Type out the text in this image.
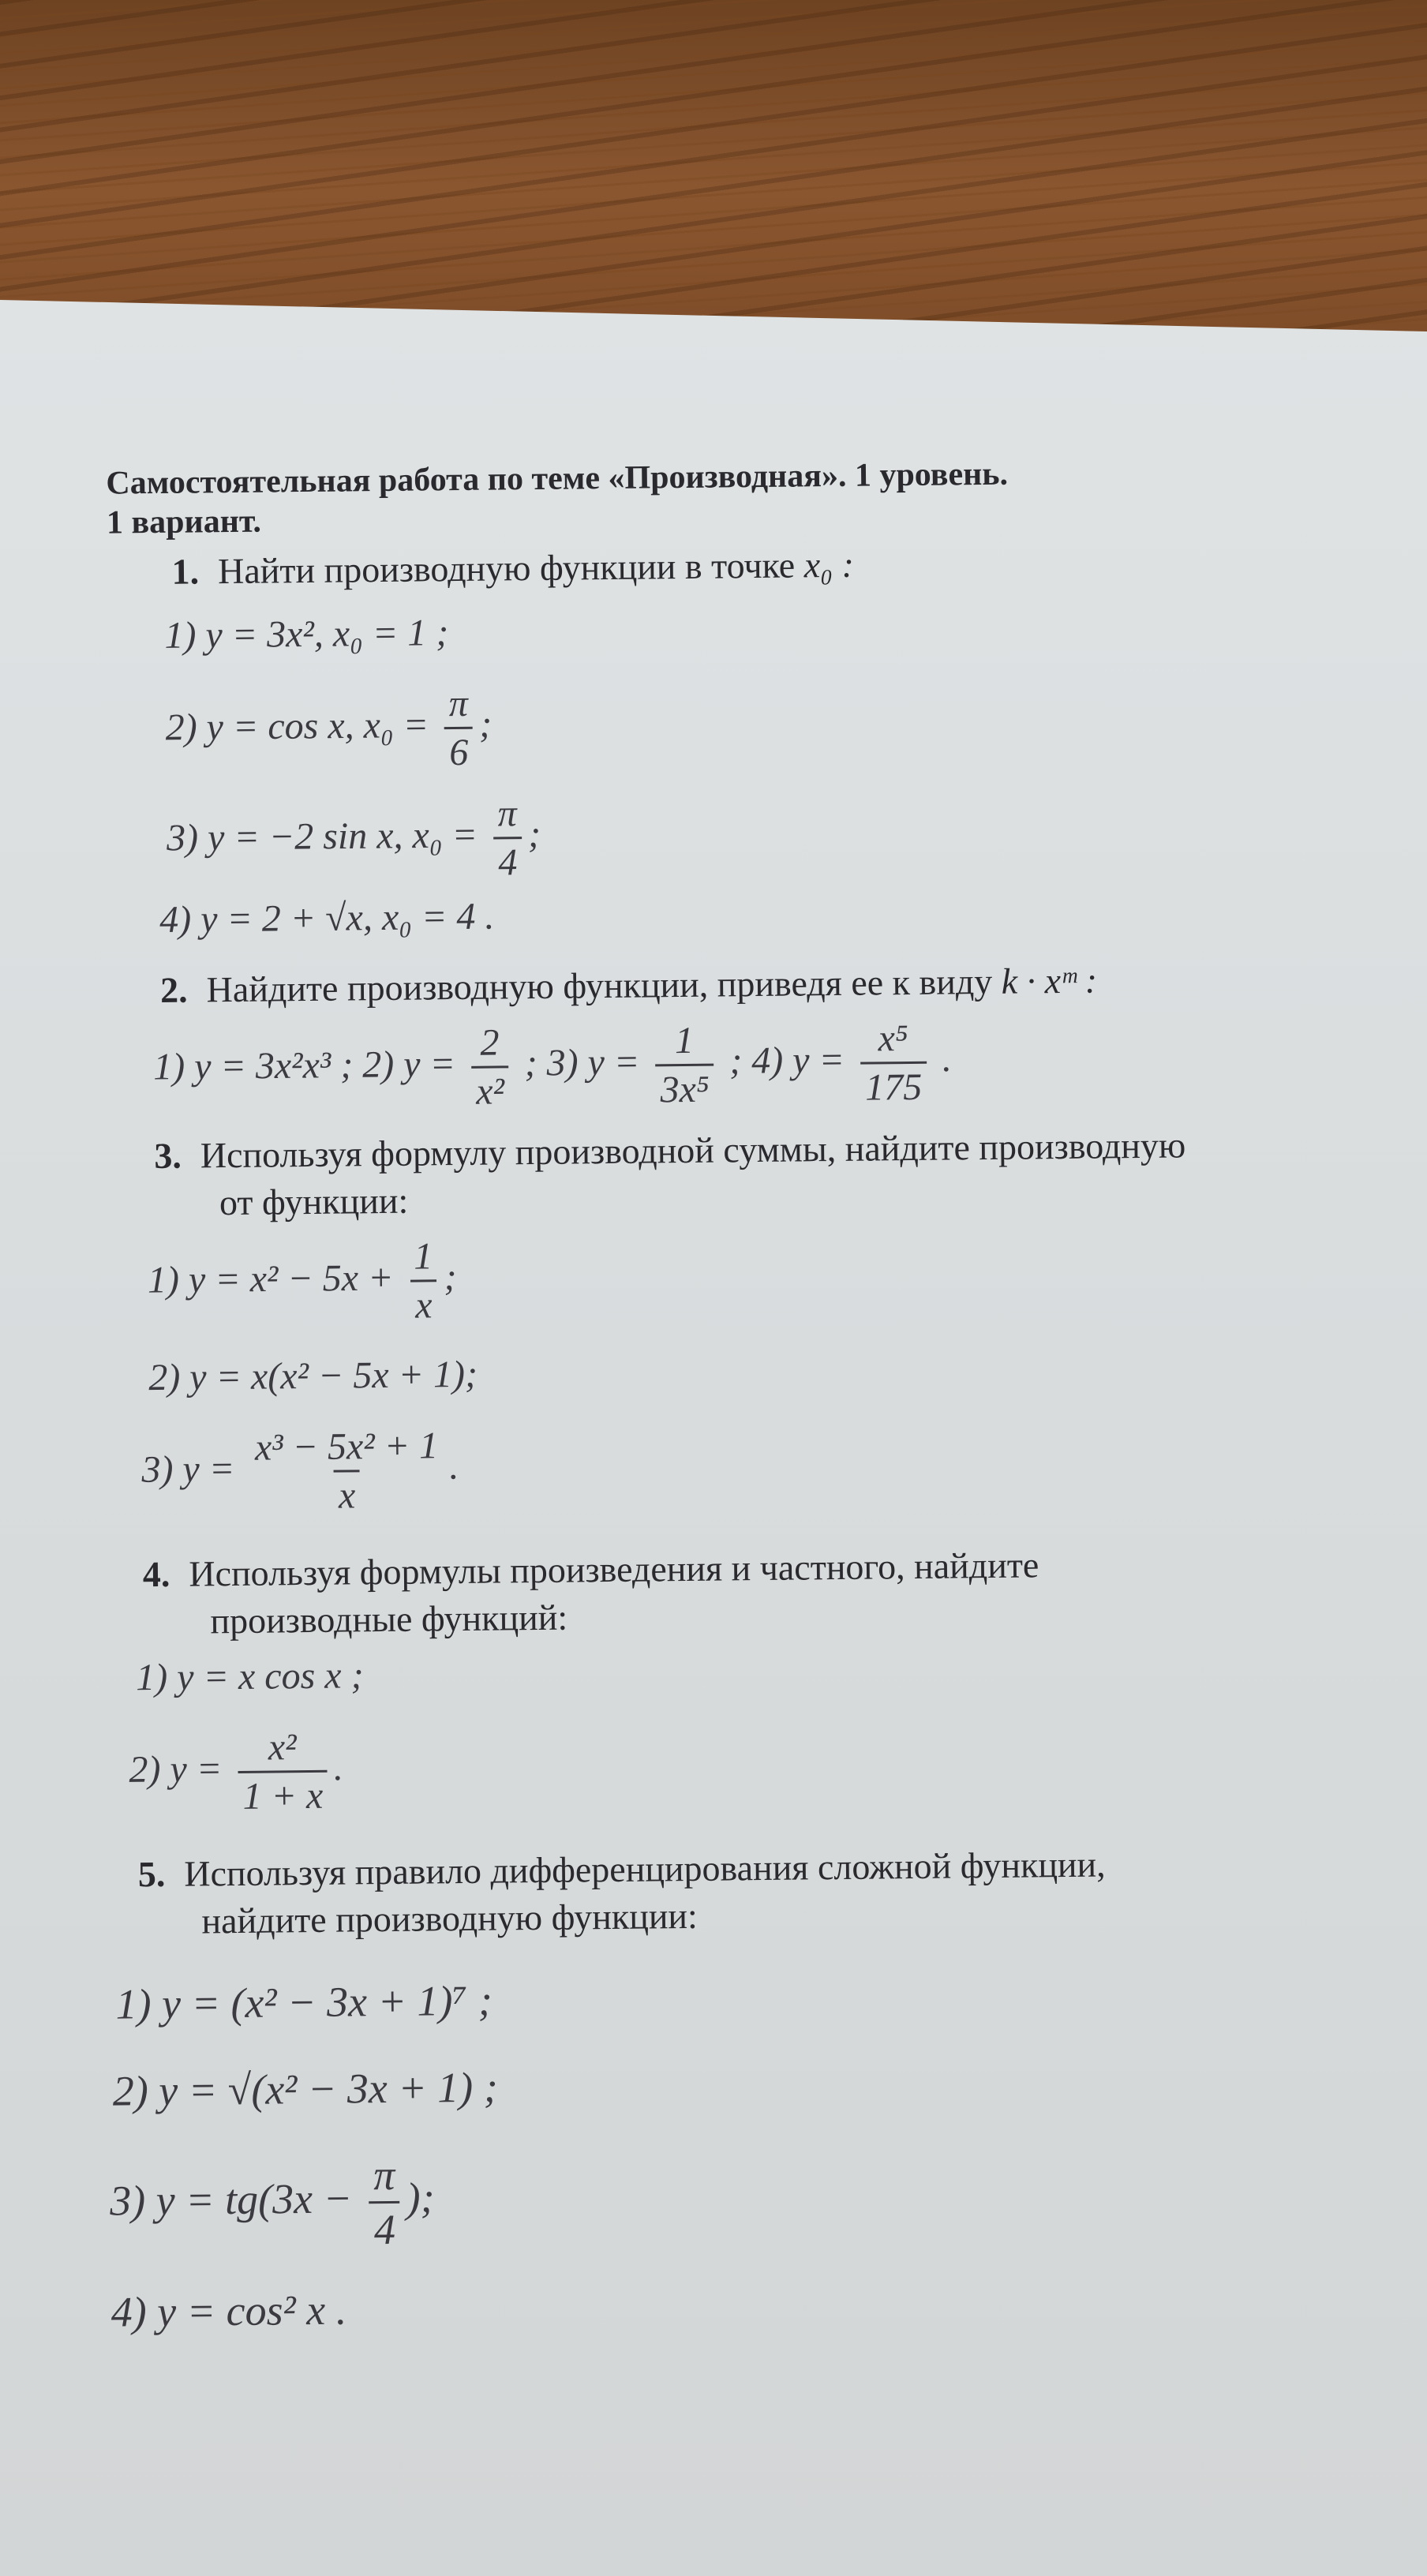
Самостоятельная работа по теме «Производная». 1 уровень.
1 вариант.
1. Найти производную функции в точке x₀ :
1) y = 3x², x₀ = 1 ;
2) y = cos x, $x_0 = \frac{\pi}{6}$ ;
3) y = −2 sin x, $x_0 = \frac{\pi}{4}$ ;
4) y = 2 + √x, x₀ = 4 .
2. Найдите производную функции, приведя ее к виду k · xᵐ :
1) y = 3x²x³ ; 2) $y = \frac{2}{\text{x²}}$ ; 3) $y = \frac{1}{\text{3x⁵}}$ ; 4) $y = \frac{\text{x⁵}}{175}$ .
3. Используя формулу производной суммы, найдите производную
от функции:
1) $y = x^2 - 5x + \frac{1}{x}$ ;
2) y = x(x² − 5x + 1);
3) $y = \frac{\text{x³ − 5x² + 1}}{x}$ .
4. Используя формулы произведения и частного, найдите
производные функций:
1) y = x cos x ;
2) $y = \frac{\text{x²}}{1 + x}$ .
5. Используя правило дифференцирования сложной функции,
найдите производную функции:
1) y = (x² − 3x + 1)⁷ ;
2) y = √(x² − 3x + 1) ;
3) $y = tg(3x - \frac{\pi}{4}$ );
4) y = cos² x .
